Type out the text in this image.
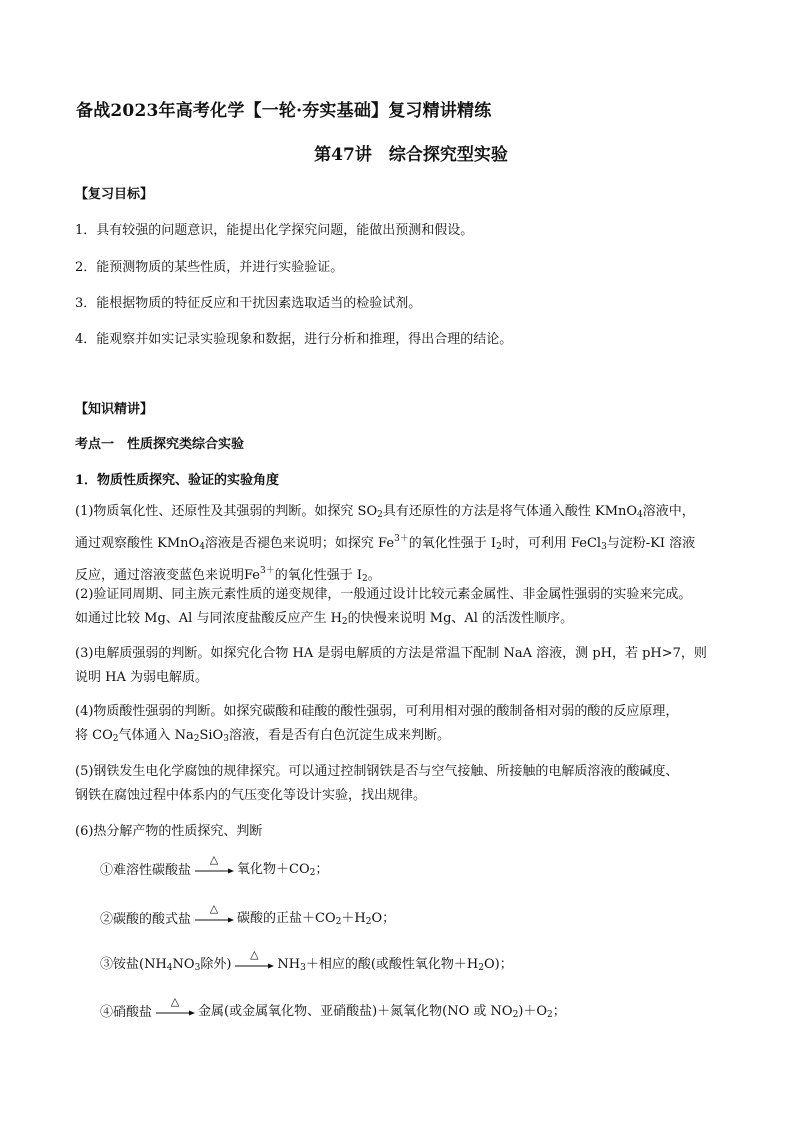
备战2023年高考化学【一轮·夯实基础】复习精讲精练
第47讲　综合探究型实验
【复习目标】
1．具有较强的问题意识，能提出化学探究问题，能做出预测和假设。
2．能预测物质的某些性质，并进行实验验证。
3．能根据物质的特征反应和干扰因素选取适当的检验试剂。
4．能观察并如实记录实验现象和数据，进行分析和推理，得出合理的结论。
【知识精讲】
考点一　性质探究类综合实验
1．物质性质探究、验证的实验角度
(1)物质氧化性、还原性及其强弱的判断。如探究 $SO_2$具有还原性的方法是将气体通入酸性 KMnO$_4$溶液中，
通过观察酸性 KMnO$_4$溶液是否褪色来说明；如探究 $Fe^{3+}$的氧化性强于 $I_2$时，可利用 FeCl$_3$与淀粉-KI 溶液
反应，通过溶液变蓝色来说明$Fe^{3+}$的氧化性强于 $I_2$。
(2)验证同周期、同主族元素性质的递变规律，一般通过设计比较元素金属性、非金属性强弱的实验来完成。
如通过比较 Mg、Al 与同浓度盐酸反应产生 $H_2$的快慢来说明 Mg、Al 的活泼性顺序。
(3)电解质强弱的判断。如探究化合物 HA 是弱电解质的方法是常温下配制 NaA 溶液，测 pH，若 pH>7，则
说明 HA 为弱电解质。
(4)物质酸性强弱的判断。如探究碳酸和硅酸的酸性强弱，可利用相对强的酸制备相对弱的酸的反应原理，
将 $CO_2$气体通入 $Na_2SiO_3$溶液，看是否有白色沉淀生成来判断。
(5)钢铁发生电化学腐蚀的规律探究。可以通过控制钢铁是否与空气接触、所接触的电解质溶液的酸碱度、
钢铁在腐蚀过程中体系内的气压变化等设计实验，找出规律。
(6)热分解产物的性质探究、判断
①难溶性碳酸盐
△
氧化物$+CO_2$；
②碳酸的酸式盐
△
碳酸的正盐$+CO_2+H_2O$；
③铵盐($NH_4NO_3$除外)
△
$NH_3+$相应的酸(或酸性氧化物$+H_2O$)；
④硝酸盐
△
金属(或金属氧化物、亚硝酸盐)＋氮氧化物(NO 或 $NO_2)+O_2$；
